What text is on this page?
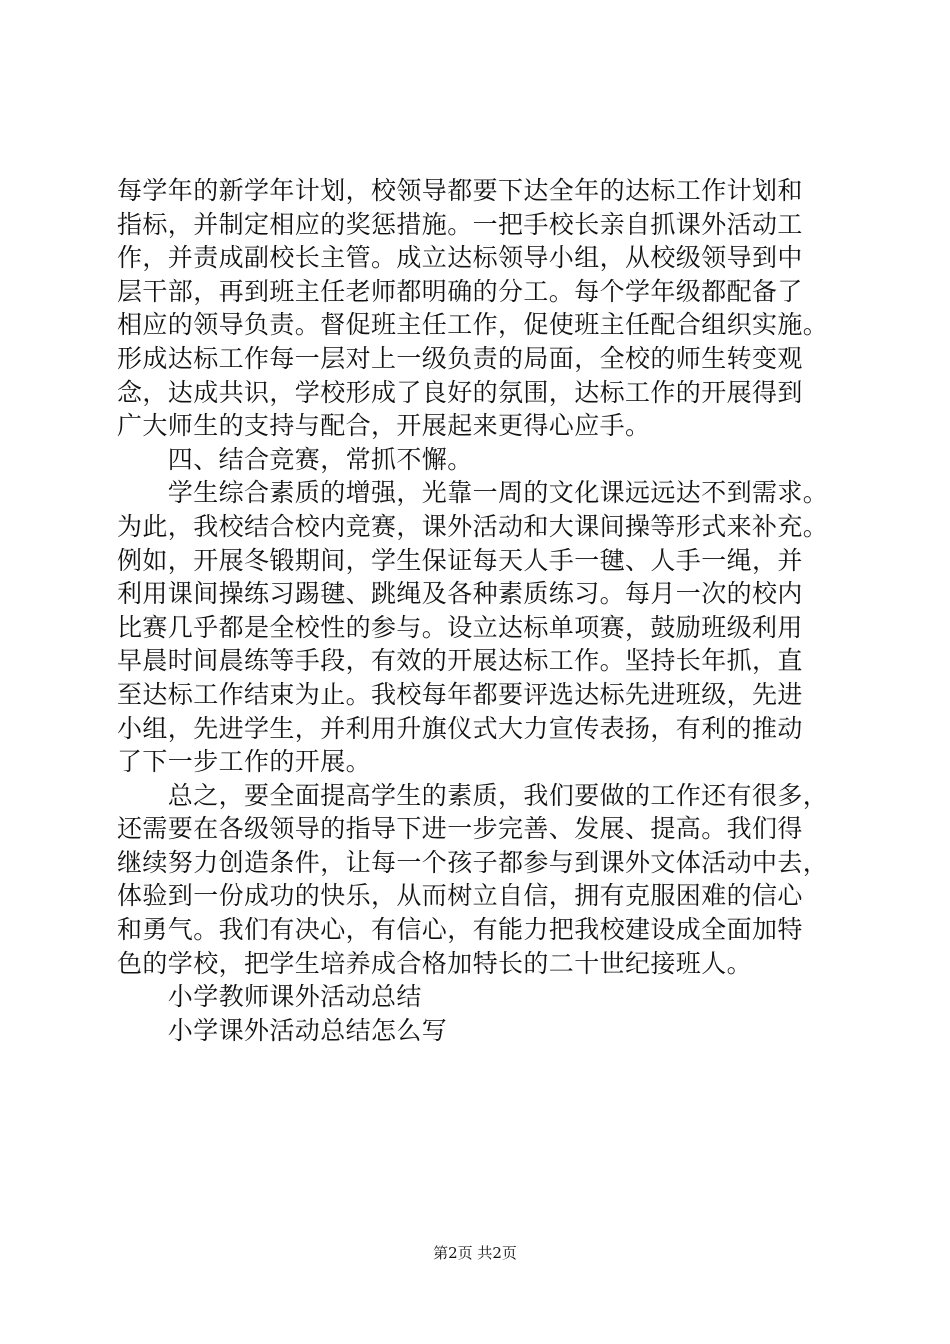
每学年的新学年计划，校领导都要下达全年的达标工作计划和

指标，并制定相应的奖惩措施。一把手校长亲自抓课外活动工

作，并责成副校长主管。成立达标领导小组，从校级领导到中

层干部，再到班主任老师都明确的分工。每个学年级都配备了

相应的领导负责。督促班主任工作，促使班主任配合组织实施。

形成达标工作每一层对上一级负责的局面，全校的师生转变观

念，达成共识，学校形成了良好的氛围，达标工作的开展得到

广大师生的支持与配合，开展起来更得心应手。

　　四、结合竞赛，常抓不懈。

　　学生综合素质的增强，光靠一周的文化课远远达不到需求。

为此，我校结合校内竞赛，课外活动和大课间操等形式来补充。

例如，开展冬锻期间，学生保证每天人手一毽、人手一绳，并

利用课间操练习踢毽、跳绳及各种素质练习。每月一次的校内

比赛几乎都是全校性的参与。设立达标单项赛，鼓励班级利用

早晨时间晨练等手段，有效的开展达标工作。坚持长年抓，直

至达标工作结束为止。我校每年都要评选达标先进班级，先进

小组，先进学生，并利用升旗仪式大力宣传表扬，有利的推动

了下一步工作的开展。

　　总之，要全面提高学生的素质，我们要做的工作还有很多，

还需要在各级领导的指导下进一步完善、发展、提高。我们得

继续努力创造条件，让每一个孩子都参与到课外文体活动中去，

体验到一份成功的快乐，从而树立自信，拥有克服困难的信心

和勇气。我们有决心，有信心，有能力把我校建设成全面加特

色的学校，把学生培养成合格加特长的二十世纪接班人。

　　小学教师课外活动总结

　　小学课外活动总结怎么写

第2页 共2页
